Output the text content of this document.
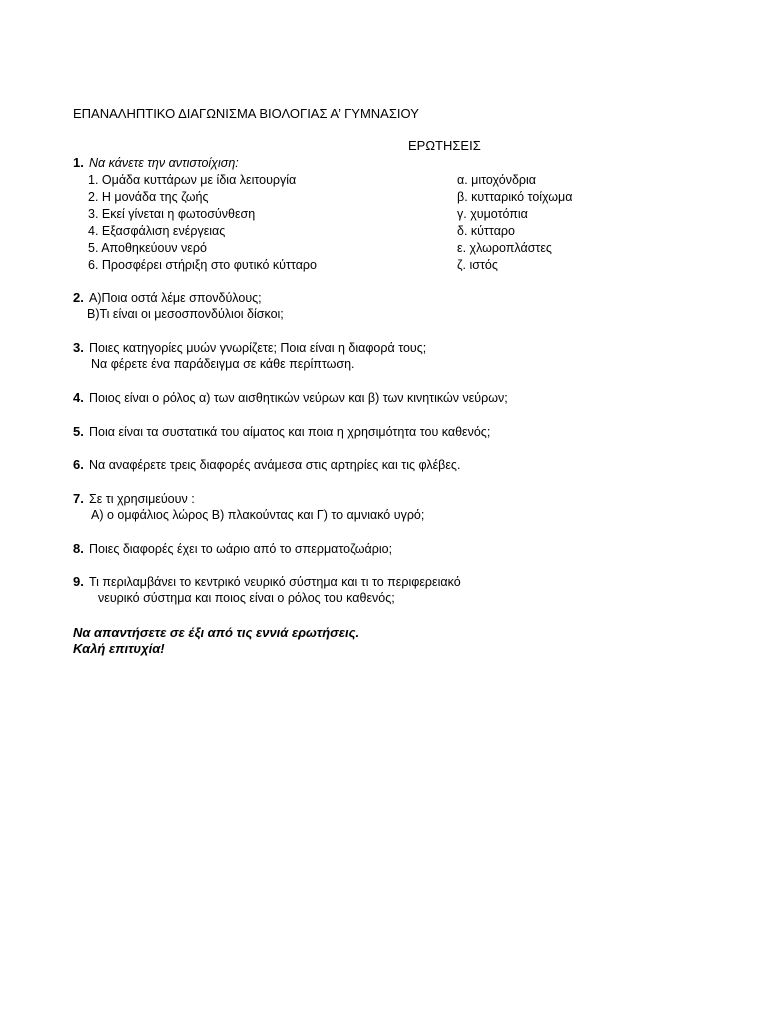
ΕΠΑΝΑΛΗΠΤΙΚΟ ΔΙΑΓΩΝΙΣΜΑ ΒΙΟΛΟΓΙΑΣ Α’ ΓΥΜΝΑΣΙΟΥ
ΕΡΩΤΗΣΕΙΣ
1. Να κάνετε την αντιστοίχιση:
1. Ομάδα κυττάρων με ίδια λειτουργία
2. Η μονάδα της ζωής
3. Εκεί γίνεται η φωτοσύνθεση
4. Εξασφάλιση ενέργειας
5. Αποθηκεύουν νερό
6. Προσφέρει στήριξη στο φυτικό κύτταρο
α. μιτοχόνδρια
β. κυτταρικό τοίχωμα
γ. χυμοτόπια
δ. κύτταρο
ε. χλωροπλάστες
ζ. ιστός
2. Α)Ποια οστά λέμε σπονδύλους;
Β)Τι είναι οι μεσοσπονδύλιοι δίσκοι;
3. Ποιες κατηγορίες μυών γνωρίζετε; Ποια είναι η διαφορά τους;
Να φέρετε ένα παράδειγμα σε κάθε περίπτωση.
4. Ποιος είναι ο ρόλος α) των αισθητικών νεύρων και β) των κινητικών νεύρων;
5. Ποια είναι τα συστατικά του αίματος και ποια η χρησιμότητα του καθενός;
6. Να αναφέρετε τρεις διαφορές ανάμεσα στις αρτηρίες και τις φλέβες.
7. Σε τι χρησιμεύουν :
Α) ο ομφάλιος λώρος Β) πλακούντας και Γ) το αμνιακό υγρό;
8. Ποιες διαφορές έχει το ωάριο από το σπερματοζωάριο;
9. Τι περιλαμβάνει το κεντρικό νευρικό σύστημα και τι το περιφερειακό
νευρικό σύστημα και ποιος είναι ο ρόλος του καθενός;
Να απαντήσετε σε έξι από τις εννιά ερωτήσεις.
Καλή επιτυχία!
